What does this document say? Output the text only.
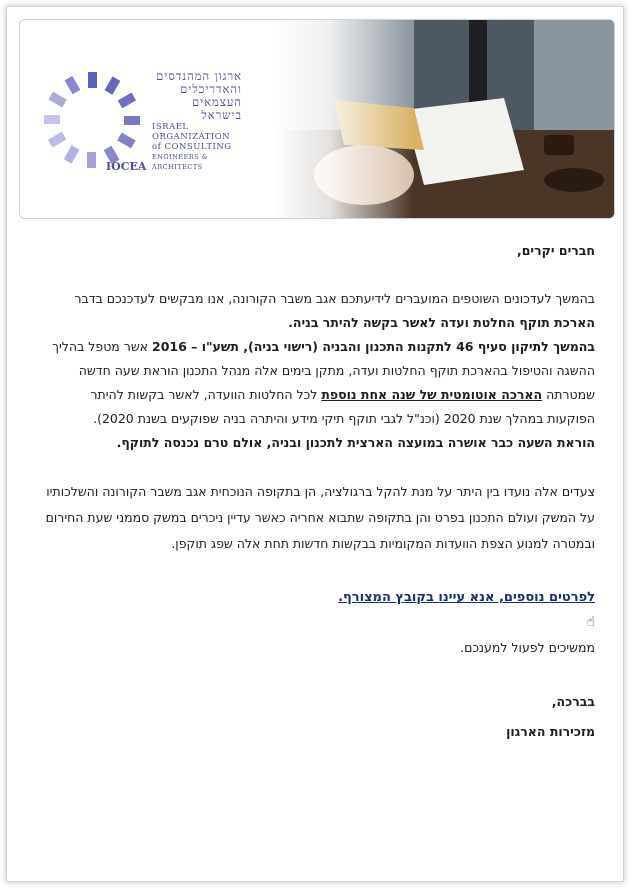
IOCEA
ארגון המהנדסים
והאדריכלים
העצמאים
בישראל
ISRAEL
ORGANIZATION
of CONSULTING
ENGINEERS & ARCHITECTS

חברים יקרים,

בהמשך לעדכונים השוטפים המועברים לידיעתכם אגב משבר הקורונה, אנו מבקשים לעדכנכם בדבר
הארכת תוקף החלטת ועדה לאשר בקשה להיתר בניה.

בהמשך לתיקון סעיף 46 לתקנות התכנון והבניה (רישוי בניה), תשע"ו – 2016 אשר מטפל בהליך ההשגה והטיפול בהארכת תוקף החלטות ועדה, מתקן בימים אלה מנהל התכנון הוראת שעה חדשה שמטרתה הארכה אוטומטית של שנה אחת נוספת לכל החלטות הוועדה, לאשר בקשות להיתר הפוקעות במהלך שנת 2020 (וכנ"ל לגבי תוקף תיקי מידע והיתרה בניה שפוקעים בשנת 2020).
הוראת השעה כבר אושרה במועצה הארצית לתכנון ובניה, אולם טרם נכנסה לתוקף.

צעדים אלה נועדו בין היתר על מנת להקל ברגולציה, הן בתקופה הנוכחית אגב משבר הקורונה והשלכותיו על המשק ועולם התכנון בפרט והן בתקופה שתבוא אחריה כאשר עדיין ניכרים במשק סממני שעת החירום ובמטרה למנוע הצפת הוועדות המקומיות בבקשות חדשות תחת אלה שפג תוקפן.

לפרטים נוספים, אנא עיינו בקובץ המצורף.

☝

ממשיכים לפעול למענכם.

בברכה,

מזכירות הארגון
